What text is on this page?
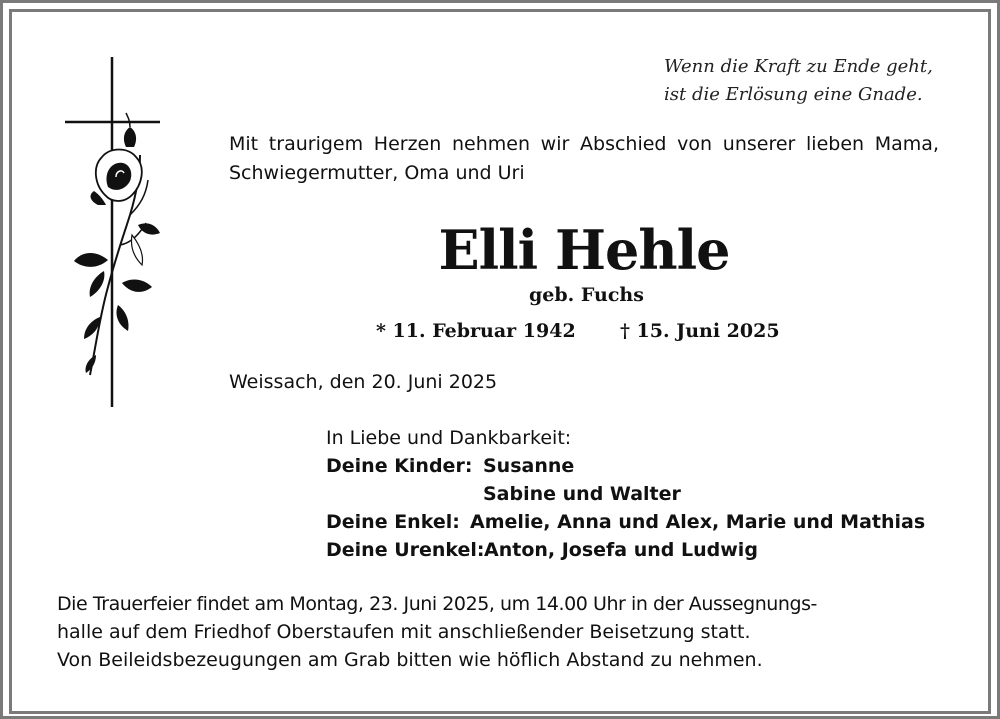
Wenn die Kraft zu Ende geht,
ist die Erlösung eine Gnade.
Mit traurigem Herzen nehmen wir Abschied von unserer lieben Mama, Schwiegermutter, Oma und Uri
Elli Hehle
geb. Fuchs
* 11. Februar 1942 † 15. Juni 2025
Weissach, den 20. Juni 2025
In Liebe und Dankbarkeit:
Deine Kinder: Susanne
Sabine und Walter
Deine Enkel: Amelie, Anna und Alex, Marie und Mathias
Deine Urenkel: Anton, Josefa und Ludwig
Die Trauerfeier findet am Montag, 23. Juni 2025, um 14.00 Uhr in der Aussegnungs-
halle auf dem Friedhof Oberstaufen mit anschließender Beisetzung statt.
Von Beileidsbezeugungen am Grab bitten wie höflich Abstand zu nehmen.
